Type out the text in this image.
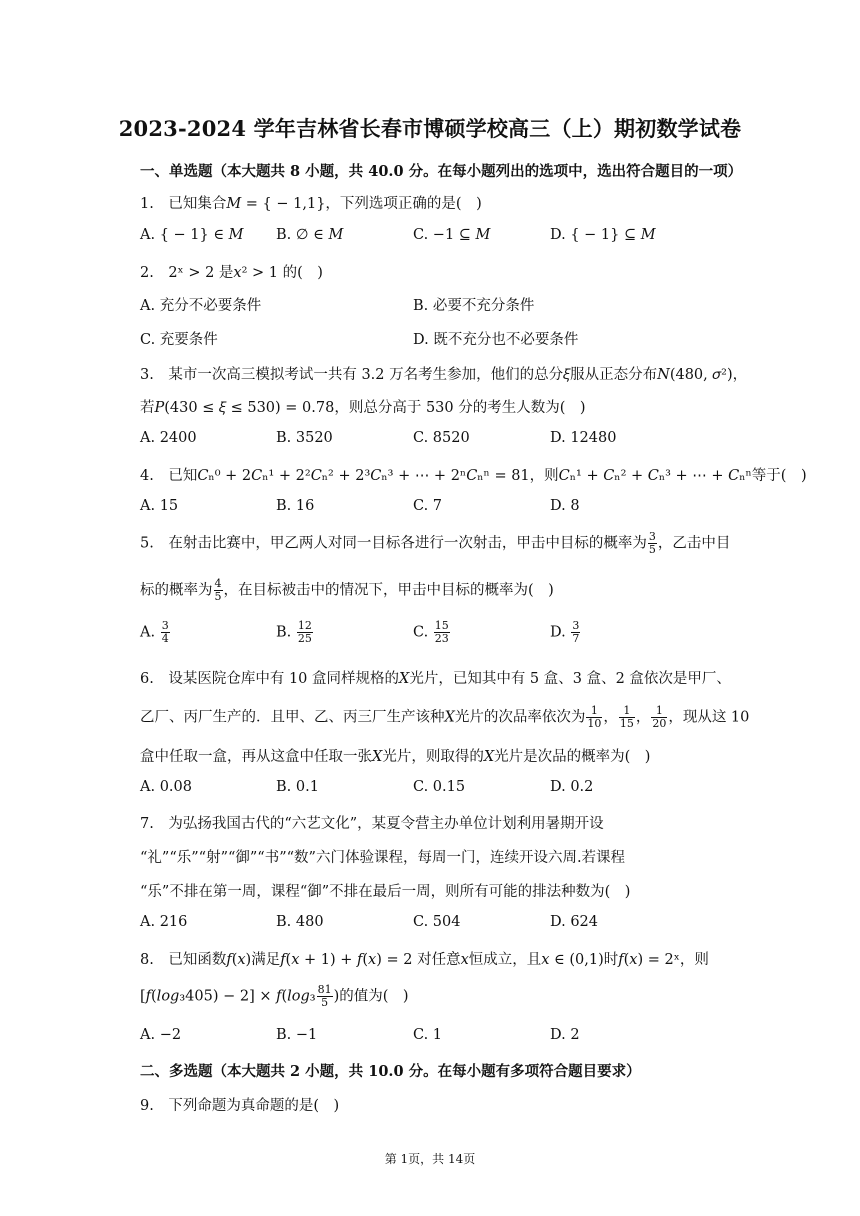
2023-2024 学年吉林省长春市博硕学校高三（上）期初数学试卷
一、单选题（本大题共 8 小题，共 40.0 分。在每小题列出的选项中，选出符合题目的一项）
1.　已知集合𝑀 = { − 1,1}，下列选项正确的是(　)
A. { − 1} ∈ 𝑀 B. ∅ ∈ 𝑀	C. −1 ⊆ 𝑀	D. { − 1} ⊆ 𝑀
2.　2ˣ > 2 是𝑥² > 1 的(　)
A. 充分不必要条件	B. 必要不充分条件
C. 充要条件	D. 既不充分也不必要条件
3.　某市一次高三模拟考试一共有 3.2 万名考生参加，他们的总分𝜉服从正态分布𝑁(480, 𝜎²)，
若𝑃(430 ≤ 𝜉 ≤ 530) = 0.78，则总分高于 530 分的考生人数为(　)
A. 2400	B. 3520	C. 8520	D. 12480
4.　已知𝐶ₙ⁰ + 2𝐶ₙ¹ + 2²𝐶ₙ² + 2³𝐶ₙ³ + ⋯ + 2ⁿ𝐶ₙⁿ = 81，则𝐶ₙ¹ + 𝐶ₙ² + 𝐶ₙ³ + ⋯ + 𝐶ₙⁿ等于(　)
A. 15	B. 16	C. 7	D. 8
5.　在射击比赛中，甲乙两人对同一目标各进行一次射击，甲击中目标的概率为 $\frac{3}{5}$ ，乙击中目
标的概率为 $\frac{4}{5}$ ，在目标被击中的情况下，甲击中目标的概率为(　)
A. $\frac{3}{4}$	B. $\frac{12}{25}$	C. $\frac{15}{23}$	D. $\frac{3}{7}$
6.　设某医院仓库中有 10 盒同样规格的𝑋光片，已知其中有 5 盒、3 盒、2 盒依次是甲厂、
乙厂、丙厂生产的．且甲、乙、丙三厂生产该种𝑋光片的次品率依次为 $\frac{1}{10}$ ， $\frac{1}{15}$ ， $\frac{1}{20}$ ，现从这 10
盒中任取一盒，再从这盒中任取一张𝑋光片，则取得的𝑋光片是次品的概率为(　)
A. 0.08	B. 0.1	C. 0.15	D. 0.2
7.　为弘扬我国古代的“六艺文化”，某夏令营主办单位计划利用暑期开设
“礼”“乐”“射”“御”“书”“数”六门体验课程，每周一门，连续开设六周.若课程
“乐”不排在第一周，课程“御”不排在最后一周，则所有可能的排法种数为(　)
A. 216	B. 480	C. 504	D. 624
8.　已知函数𝑓(𝑥)满足𝑓(𝑥 + 1) + 𝑓(𝑥) = 2 对任意𝑥恒成立，且𝑥 ∈ (0,1)时𝑓(𝑥) = 2ˣ，则
[𝑓(𝑙𝑜𝑔₃405) − 2] × 𝑓(𝑙𝑜𝑔₃ $\frac{81}{5}$ )的值为(　)
A. −2	B. −1	C. 1	D. 2
二、多选题（本大题共 2 小题，共 10.0 分。在每小题有多项符合题目要求）
9.　下列命题为真命题的是(　)
第 1页，共 14页
